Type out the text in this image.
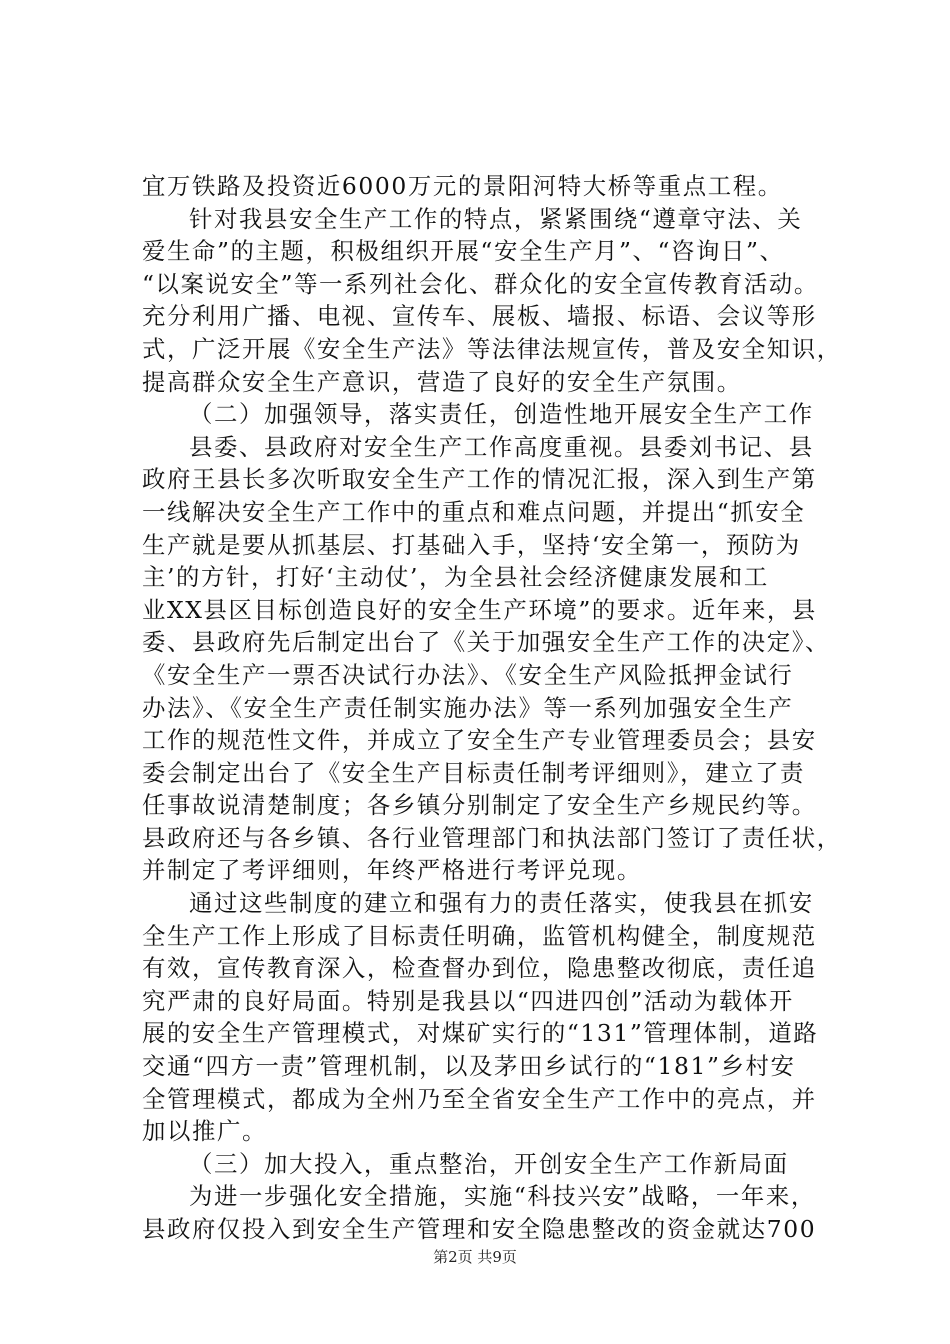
宜万铁路及投资近6000万元的景阳河特大桥等重点工程。
针对我县安全生产工作的特点，紧紧围绕“遵章守法、关
爱生命”的主题，积极组织开展“安全生产月”、“咨询日”、
“以案说安全”等一系列社会化、群众化的安全宣传教育活动。
充分利用广播、电视、宣传车、展板、墙报、标语、会议等形
式，广泛开展《安全生产法》等法律法规宣传，普及安全知识，
提高群众安全生产意识，营造了良好的安全生产氛围。
（二）加强领导，落实责任，创造性地开展安全生产工作
县委、县政府对安全生产工作高度重视。县委刘书记、县
政府王县长多次听取安全生产工作的情况汇报，深入到生产第
一线解决安全生产工作中的重点和难点问题，并提出“抓安全
生产就是要从抓基层、打基础入手，坚持‘安全第一，预防为
主’的方针，打好‘主动仗’，为全县社会经济健康发展和工
业XX县区目标创造良好的安全生产环境”的要求。近年来，县
委、县政府先后制定出台了《关于加强安全生产工作的决定》、
《安全生产一票否决试行办法》、《安全生产风险抵押金试行
办法》、《安全生产责任制实施办法》等一系列加强安全生产
工作的规范性文件，并成立了安全生产专业管理委员会；县安
委会制定出台了《安全生产目标责任制考评细则》，建立了责
任事故说清楚制度；各乡镇分别制定了安全生产乡规民约等。
县政府还与各乡镇、各行业管理部门和执法部门签订了责任状，
并制定了考评细则，年终严格进行考评兑现。
通过这些制度的建立和强有力的责任落实，使我县在抓安
全生产工作上形成了目标责任明确，监管机构健全，制度规范
有效，宣传教育深入，检查督办到位，隐患整改彻底，责任追
究严肃的良好局面。特别是我县以“四进四创”活动为载体开
展的安全生产管理模式，对煤矿实行的“131”管理体制，道路
交通“四方一责”管理机制，以及茅田乡试行的“181”乡村安
全管理模式，都成为全州乃至全省安全生产工作中的亮点，并
加以推广。
（三）加大投入，重点整治，开创安全生产工作新局面
为进一步强化安全措施，实施“科技兴安”战略，一年来，
县政府仅投入到安全生产管理和安全隐患整改的资金就达700
第2页 共9页
